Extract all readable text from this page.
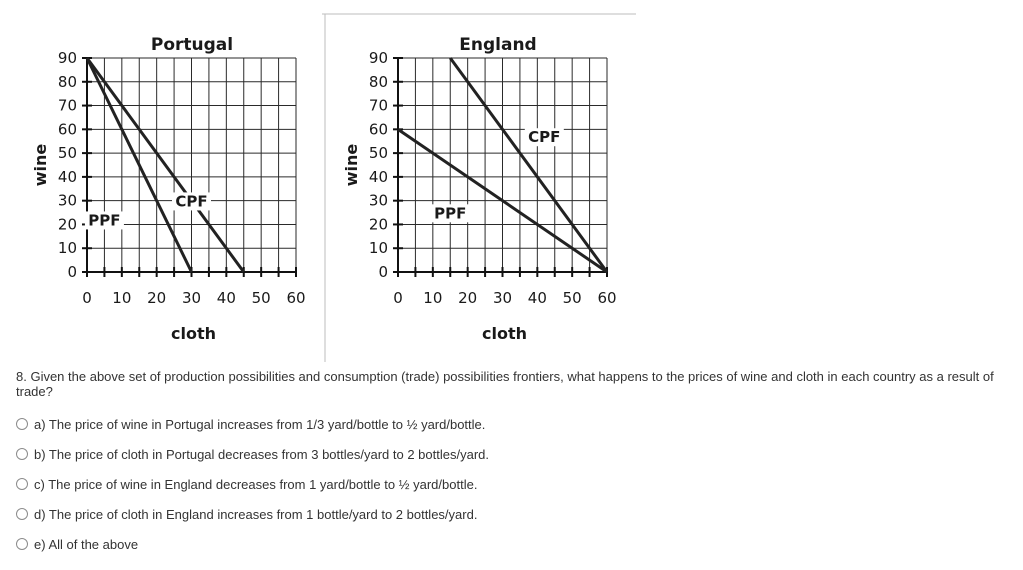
0
10
20
30
40
50
60
70
80
90
0 10 20 30 40 50 60
Portugal
wine
cloth
PPF
CPF
0
10
20
30
40
50
60
70
80
90
0 10 20 30 40 50 60
England
wine
cloth
PPF
CPF
8. Given the above set of production possibilities and consumption (trade) possibilities frontiers, what happens to the prices of wine and cloth in each country as a result of trade?
a) The price of wine in Portugal increases from 1/3 yard/bottle to ½ yard/bottle.
b) The price of cloth in Portugal decreases from 3 bottles/yard to 2 bottles/yard.
c) The price of wine in England decreases from 1 yard/bottle to ½ yard/bottle.
d) The price of cloth in England increases from 1 bottle/yard to 2 bottles/yard.
e) All of the above
